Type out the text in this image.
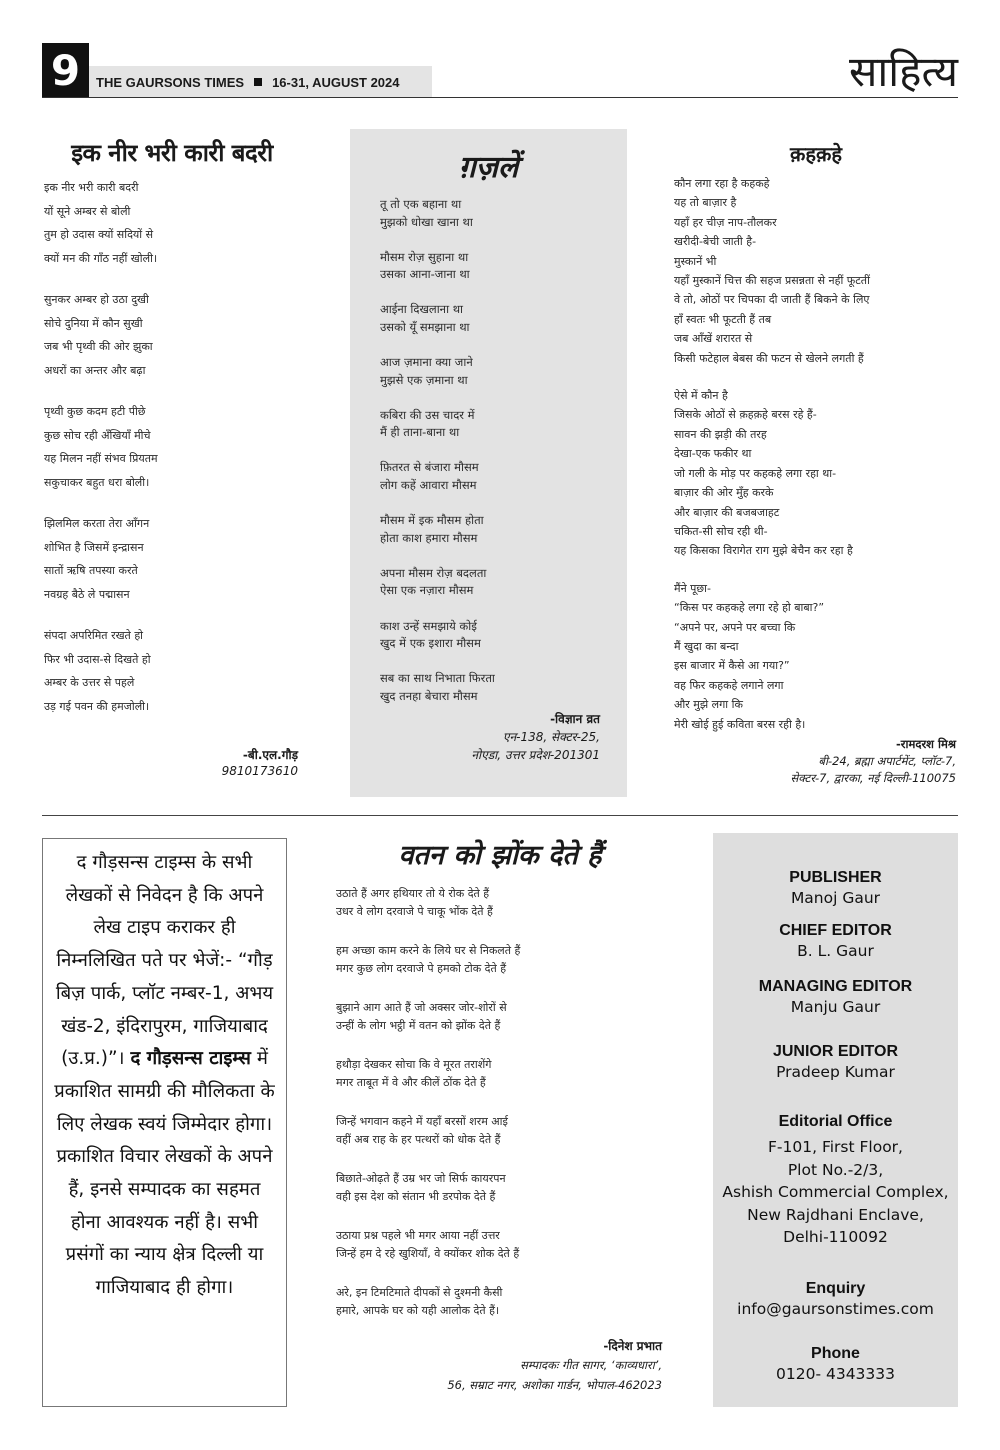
9	THE GAURSONS TIMES 16-31, AUGUST 2024	साहित्य
इक नीर भरी कारी बदरी
इक नीर भरी कारी बदरी
यों सूने अम्बर से बोली
तुम हो उदास क्यों सदियों से
क्यों मन की गाँठ नहीं खोली।
सुनकर अम्बर हो उठा दुखी
सोचे दुनिया में कौन सुखी
जब भी पृथ्वी की ओर झुका
अधरों का अन्तर और बढ़ा
पृथ्वी कुछ कदम हटी पीछे
कुछ सोच रही अँखियाँ मीचे
यह मिलन नहीं संभव प्रियतम
सकुचाकर बहुत धरा बोली।
झिलमिल करता तेरा आँगन
शोभित है जिसमें इन्द्रासन
सातों ऋषि तपस्या करते
नवग्रह बैठे ले पद्मासन
संपदा अपरिमित रखते हो
फिर भी उदास-से दिखते हो
अम्बर के उत्तर से पहले
उड़ गई पवन की हमजोली।
-बी.एल.गौड़
9810173610
ग़ज़लें
तू तो एक बहाना था
मुझको धोखा खाना था
मौसम रोज़ सुहाना था
उसका आना-जाना था
आईना दिखलाना था
उसको यूँ समझाना था
आज ज़माना क्या जाने
मुझसे एक ज़माना था
कबिरा की उस चादर में
मैं ही ताना-बाना था
फ़ितरत से बंजारा मौसम
लोग कहें आवारा मौसम
मौसम में इक मौसम होता
होता काश हमारा मौसम
अपना मौसम रोज़ बदलता
ऐसा एक नज़ारा मौसम
काश उन्हें समझाये कोई
खुद में एक इशारा मौसम
सब का साथ निभाता फिरता
खुद तनहा बेचारा मौसम
-विज्ञान व्रत
एन-138, सेक्टर-25,
नोएडा, उत्तर प्रदेश-201301
क़हक़हे
कौन लगा रहा है कहकहे
यह तो बाज़ार है
यहाँ हर चीज़ नाप-तौलकर
खरीदी-बेची जाती है-
मुस्कानें भी
यहाँ मुस्कानें चित्त की सहज प्रसन्नता से नहीं फूटतीं
वे तो, ओठों पर चिपका दी जाती हैं बिकने के लिए
हाँ स्वतः भी फूटती हैं तब
जब आँखें शरारत से
किसी फटेहाल बेबस की फटन से खेलने लगती हैं
ऐसे में कौन है
जिसके ओठों से क़हक़हे बरस रहे हैं-
सावन की झड़ी की तरह
देखा-एक फकीर था
जो गली के मोड़ पर कहकहे लगा रहा था-
बाज़ार की ओर मुँह करके
और बाज़ार की बजबजाहट
चकित-सी सोच रही थी-
यह किसका विरागेत राग मुझे बेचैन कर रहा है
मैंने पूछा-
“किस पर कहकहे लगा रहे हो बाबा?”
“अपने पर, अपने पर बच्चा कि
मैं खुदा का बन्दा
इस बाजार में कैसे आ गया?”
वह फिर कहकहे लगाने लगा
और मुझे लगा कि
मेरी खोई हुई कविता बरस रही है।
-रामदरश मिश्र
बी-24, ब्रह्मा अपार्टमेंट, प्लॉट-7,
सेक्टर-7, द्वारका, नई दिल्ली-110075
द गौड़सन्स टाइम्स के सभी लेखकों से निवेदन है कि अपने लेख टाइप कराकर ही निम्नलिखित पते पर भेजें:- “गौड़ बिज़ पार्क, प्लॉट नम्बर-1, अभय खंड-2, इंदिरापुरम, गाजियाबाद (उ.प्र.)”। द गौड़सन्स टाइम्स में प्रकाशित सामग्री की मौलिकता के लिए लेखक स्वयं जिम्मेदार होगा। प्रकाशित विचार लेखकों के अपने हैं, इनसे सम्पादक का सहमत होना आवश्यक नहीं है। सभी प्रसंगों का न्याय क्षेत्र दिल्ली या गाजियाबाद ही होगा।
वतन को झोंक देते हैं
उठाते हैं अगर हथियार तो ये रोक देते हैं
उधर वे लोग दरवाजे पे चाकू भोंक देते हैं
हम अच्छा काम करने के लिये घर से निकलते हैं
मगर कुछ लोग दरवाजे पे हमको टोक देते हैं
बुझाने आग आते हैं जो अक्सर जोर-शोरों से
उन्हीं के लोग भट्ठी में वतन को झोंक देते हैं
हथौड़ा देखकर सोचा कि वे मूरत तराशेंगे
मगर ताबूत में वे और कीलें ठोंक देते हैं
जिन्हें भगवान कहने में यहाँ बरसों शरम आई
वहीं अब राह के हर पत्थरों को धोक देते हैं
बिछाते-ओढ़ते हैं उम्र भर जो सिर्फ कायरपन
वही इस देश को संतान भी डरपोक देते हैं
उठाया प्रश्न पहले भी मगर आया नहीं उत्तर
जिन्हें हम दे रहे खुशियाँ, वे क्योंकर शोक देते हैं
अरे, इन टिमटिमाते दीपकों से दुश्मनी कैसी
हमारे, आपके घर को यही आलोक देते हैं।
-दिनेश प्रभात
सम्पादकः गीत सागर, ‘काव्यधारा’,
56, सम्राट नगर, अशोका गार्डन, भोपाल-462023
PUBLISHER
Manoj Gaur
CHIEF EDITOR
B. L. Gaur
MANAGING EDITOR
Manju Gaur
JUNIOR EDITOR
Pradeep Kumar
Editorial Office
F-101, First Floor,
Plot No.-2/3,
Ashish Commercial Complex,
New Rajdhani Enclave,
Delhi-110092
Enquiry
info@gaursonstimes.com
Phone
0120- 4343333
